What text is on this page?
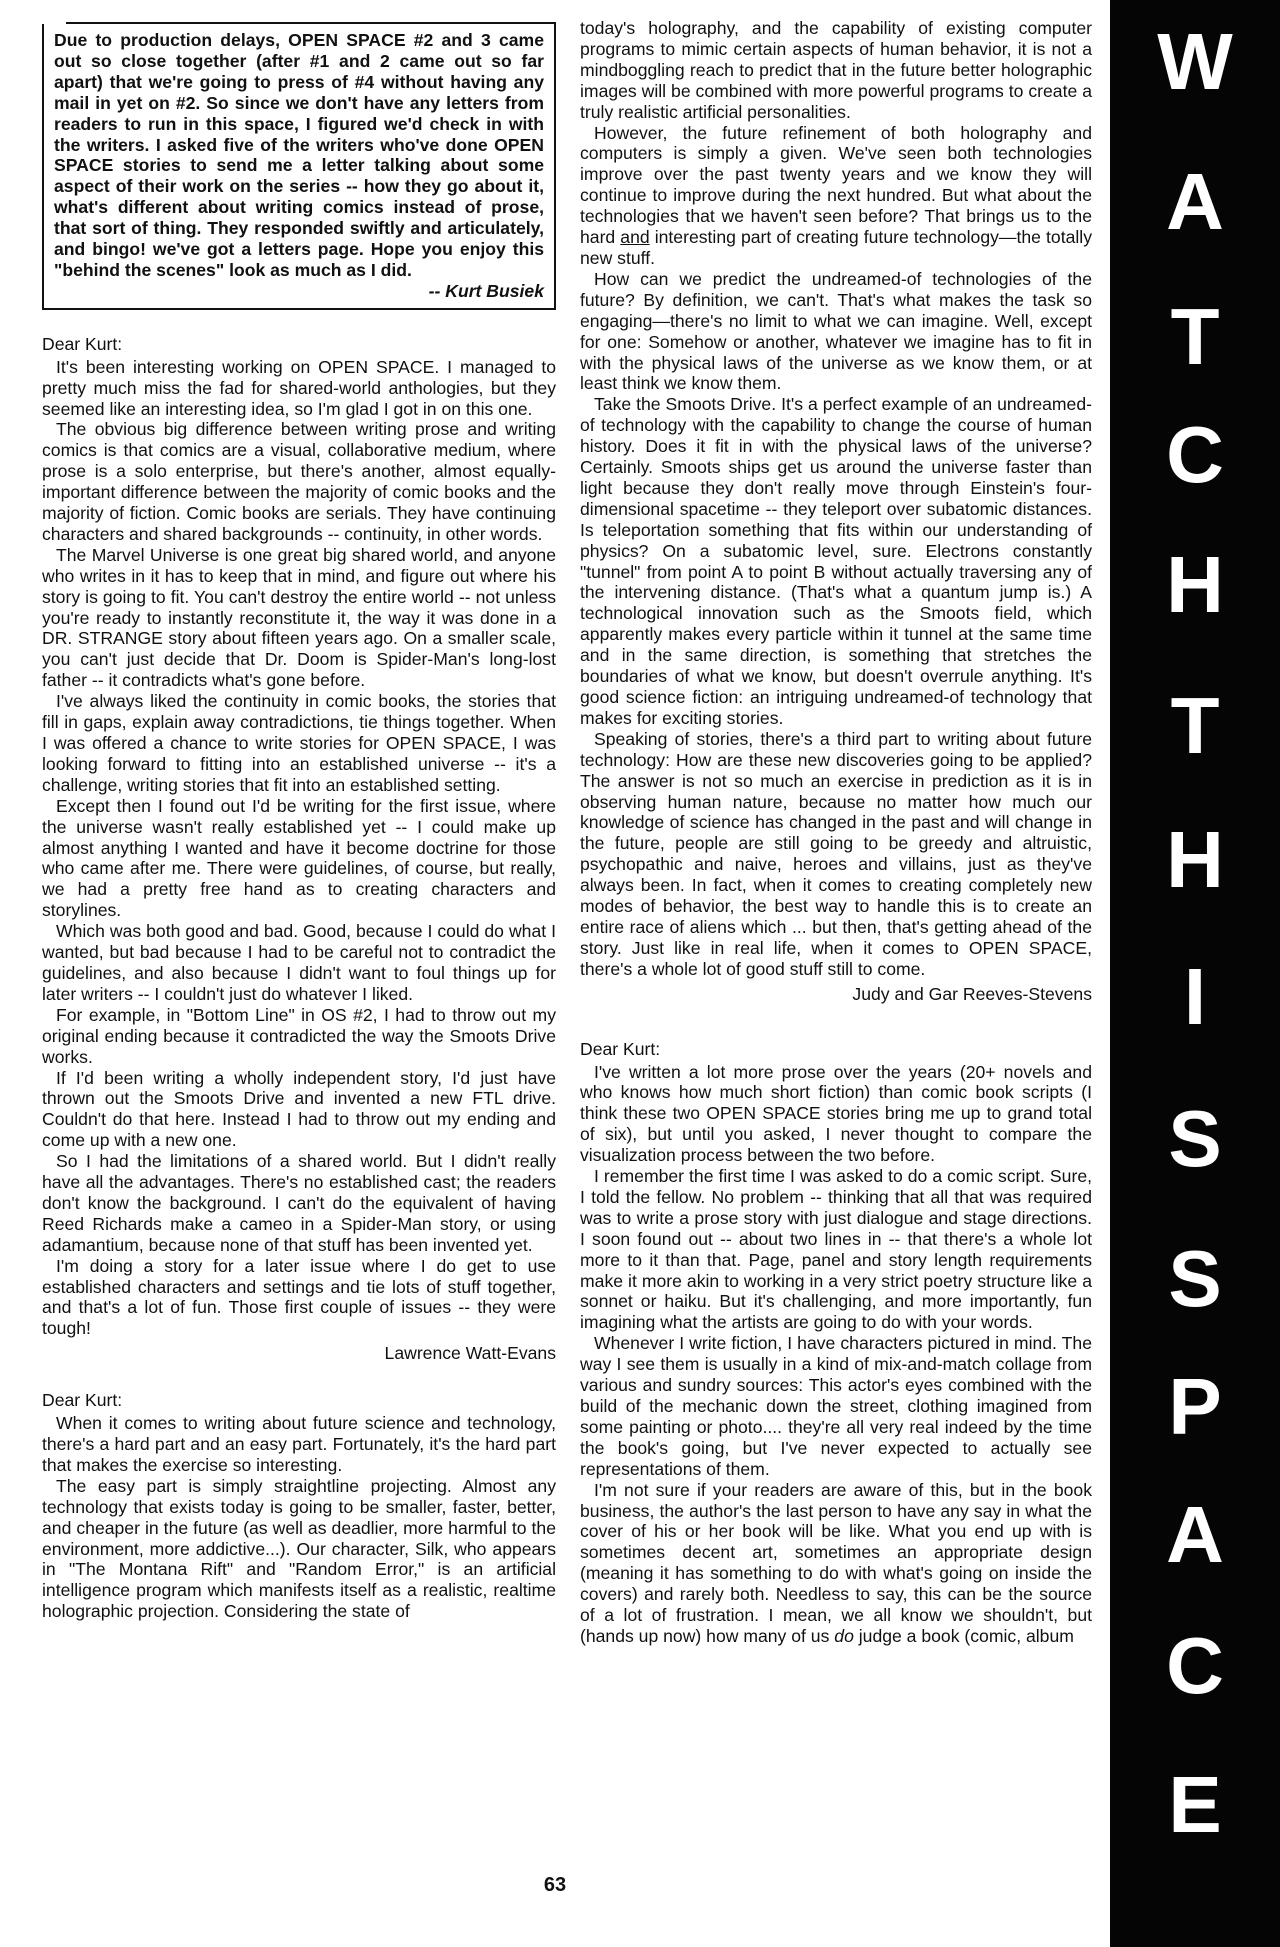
Due to production delays, OPEN SPACE #2 and 3 came out so close together (after #1 and 2 came out so far apart) that we're going to press of #4 without having any mail in yet on #2. So since we don't have any letters from readers to run in this space, I figured we'd check in with the writers. I asked five of the writers who've done OPEN SPACE stories to send me a letter talking about some aspect of their work on the series -- how they go about it, what's different about writing comics instead of prose, that sort of thing. They responded swiftly and articulately, and bingo! we've got a letters page. Hope you enjoy this "behind the scenes" look as much as I did.
-- Kurt Busiek

Dear Kurt:

It's been interesting working on OPEN SPACE. I managed to pretty much miss the fad for shared-world anthologies, but they seemed like an interesting idea, so I'm glad I got in on this one.

The obvious big difference between writing prose and writing comics is that comics are a visual, collaborative medium, where prose is a solo enterprise, but there's another, almost equally-important difference between the majority of comic books and the majority of fiction. Comic books are serials. They have continuing characters and shared backgrounds -- continuity, in other words.

The Marvel Universe is one great big shared world, and anyone who writes in it has to keep that in mind, and figure out where his story is going to fit. You can't destroy the entire world -- not unless you're ready to instantly reconstitute it, the way it was done in a DR. STRANGE story about fifteen years ago. On a smaller scale, you can't just decide that Dr. Doom is Spider-Man's long-lost father -- it contradicts what's gone before.

I've always liked the continuity in comic books, the stories that fill in gaps, explain away contradictions, tie things together. When I was offered a chance to write stories for OPEN SPACE, I was looking forward to fitting into an established universe -- it's a challenge, writing stories that fit into an established setting.

Except then I found out I'd be writing for the first issue, where the universe wasn't really established yet -- I could make up almost anything I wanted and have it become doctrine for those who came after me. There were guidelines, of course, but really, we had a pretty free hand as to creating characters and storylines.

Which was both good and bad. Good, because I could do what I wanted, but bad because I had to be careful not to contradict the guidelines, and also because I didn't want to foul things up for later writers -- I couldn't just do whatever I liked.

For example, in "Bottom Line" in OS #2, I had to throw out my original ending because it contradicted the way the Smoots Drive works.

If I'd been writing a wholly independent story, I'd just have thrown out the Smoots Drive and invented a new FTL drive. Couldn't do that here. Instead I had to throw out my ending and come up with a new one.

So I had the limitations of a shared world. But I didn't really have all the advantages. There's no established cast; the readers don't know the background. I can't do the equivalent of having Reed Richards make a cameo in a Spider-Man story, or using adamantium, because none of that stuff has been invented yet.

I'm doing a story for a later issue where I do get to use established characters and settings and tie lots of stuff together, and that's a lot of fun. Those first couple of issues -- they were tough!

Lawrence Watt-Evans

Dear Kurt:

When it comes to writing about future science and technology, there's a hard part and an easy part. Fortunately, it's the hard part that makes the exercise so interesting.

The easy part is simply straightline projecting. Almost any technology that exists today is going to be smaller, faster, better, and cheaper in the future (as well as deadlier, more harmful to the environment, more addictive...). Our character, Silk, who appears in "The Montana Rift" and "Random Error," is an artificial intelligence program which manifests itself as a realistic, realtime holographic projection. Considering the state of

today's holography, and the capability of existing computer programs to mimic certain aspects of human behavior, it is not a mindboggling reach to predict that in the future better holographic images will be combined with more powerful programs to create a truly realistic artificial personalities.

However, the future refinement of both holography and computers is simply a given. We've seen both technologies improve over the past twenty years and we know they will continue to improve during the next hundred. But what about the technologies that we haven't seen before? That brings us to the hard and interesting part of creating future technology—the totally new stuff.

How can we predict the undreamed-of technologies of the future? By definition, we can't. That's what makes the task so engaging—there's no limit to what we can imagine. Well, except for one: Somehow or another, whatever we imagine has to fit in with the physical laws of the universe as we know them, or at least think we know them.

Take the Smoots Drive. It's a perfect example of an undreamed-of technology with the capability to change the course of human history. Does it fit in with the physical laws of the universe? Certainly. Smoots ships get us around the universe faster than light because they don't really move through Einstein's four-dimensional spacetime -- they teleport over subatomic distances. Is teleportation something that fits within our understanding of physics? On a subatomic level, sure. Electrons constantly "tunnel" from point A to point B without actually traversing any of the intervening distance. (That's what a quantum jump is.) A technological innovation such as the Smoots field, which apparently makes every particle within it tunnel at the same time and in the same direction, is something that stretches the boundaries of what we know, but doesn't overrule anything. It's good science fiction: an intriguing undreamed-of technology that makes for exciting stories.

Speaking of stories, there's a third part to writing about future technology: How are these new discoveries going to be applied? The answer is not so much an exercise in prediction as it is in observing human nature, because no matter how much our knowledge of science has changed in the past and will change in the future, people are still going to be greedy and altruistic, psychopathic and naive, heroes and villains, just as they've always been. In fact, when it comes to creating completely new modes of behavior, the best way to handle this is to create an entire race of aliens which ... but then, that's getting ahead of the story. Just like in real life, when it comes to OPEN SPACE, there's a whole lot of good stuff still to come.

Judy and Gar Reeves-Stevens

Dear Kurt:

I've written a lot more prose over the years (20+ novels and who knows how much short fiction) than comic book scripts (I think these two OPEN SPACE stories bring me up to grand total of six), but until you asked, I never thought to compare the visualization process between the two before.

I remember the first time I was asked to do a comic script. Sure, I told the fellow. No problem -- thinking that all that was required was to write a prose story with just dialogue and stage directions. I soon found out -- about two lines in -- that there's a whole lot more to it than that. Page, panel and story length requirements make it more akin to working in a very strict poetry structure like a sonnet or haiku. But it's challenging, and more importantly, fun imagining what the artists are going to do with your words.

Whenever I write fiction, I have characters pictured in mind. The way I see them is usually in a kind of mix-and-match collage from various and sundry sources: This actor's eyes combined with the build of the mechanic down the street, clothing imagined from some painting or photo.... they're all very real indeed by the time the book's going, but I've never expected to actually see representations of them.

I'm not sure if your readers are aware of this, but in the book business, the author's the last person to have any say in what the cover of his or her book will be like. What you end up with is sometimes decent art, sometimes an appropriate design (meaning it has something to do with what's going on inside the covers) and rarely both. Needless to say, this can be the source of a lot of frustration. I mean, we all know we shouldn't, but (hands up now) how many of us do judge a book (comic, album

W
A
T
C
H
T
H
I
S
S
P
A
C
E
63
